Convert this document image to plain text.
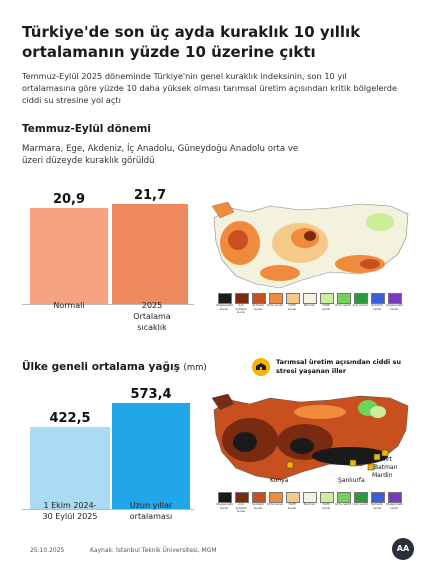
Türkiye'de son üç ayda kuraklık 10 yıllık ortalamanın yüzde 10 üzerine çıktı
Temmuz-Eylül 2025 döneminde Türkiye'nin genel kuraklık indeksinin, son 10 yıl ortalamasına göre yüzde 10 daha yüksek olması tarımsal üretim açısından kritik bölgelerde ciddi su stresine yol açtı
Temmuz-Eylül dönemi
Marmara, Ege, Akdeniz, İç Anadolu, Güneydoğu Anadolu orta ve üzeri düzeyde kuraklık görüldü
20,9	21,7
Normali	2025 Ortalama sıcaklık
Olağanüstü kurak
Çok şiddetli kurak
Şiddetli kurak
Orta kurak	Hafif kurak
Normal	Hafif nemli
Orta nemli Çok nemli	Şiddetli nemli
Olağanüstü nemli
Ülke geneli ortalama yağış (mm)
422,5
573,4
1 Ekim 2024- 30 Eylül 2025
Uzun yıllar ortalaması
Tarımsal üretim açısından ciddi su stresi yaşanan iller
Konya	Şanlıurfa
Mardin
Batman
Siirt
Olağanüstü kurak
Çok şiddetli kurak
Şiddetli kurak
Orta kurak	Hafif kurak
Normal	Hafif nemli
Orta nemli Çok nemli	Şiddetli nemli
Olağanüstü nemli
25.10.2025	Kaynak: İstanbul Teknik Üniversitesi, MGM	AA
